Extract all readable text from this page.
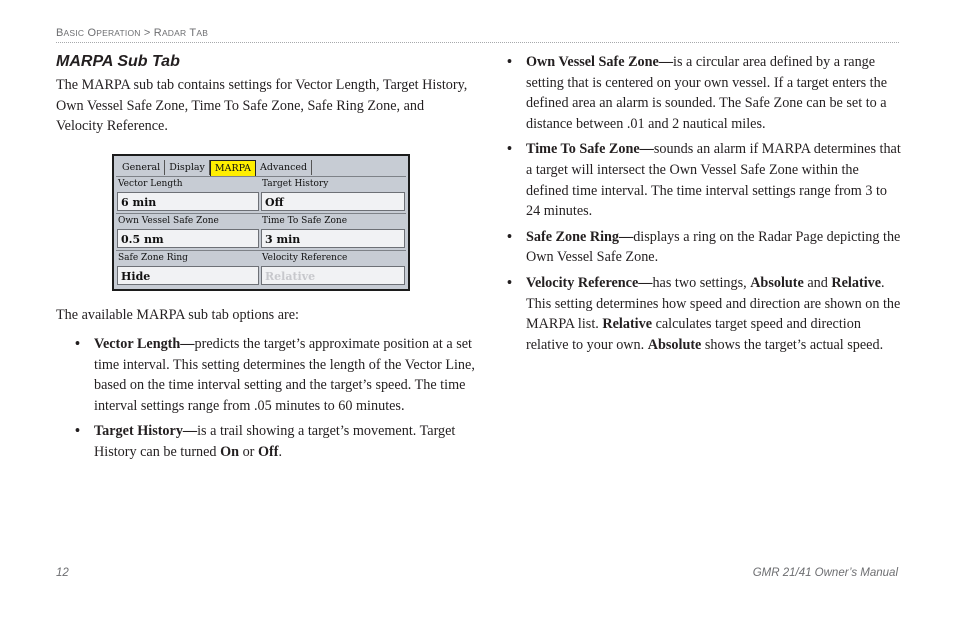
BASIC OPERATION > RADAR TAB
MARPA Sub Tab

The MARPA sub tab contains settings for Vector Length, Target History, Own Vessel Safe Zone, Time To Safe Zone, Safe Ring Zone, and Velocity Reference.

General Display	MARPA Advanced
Vector Length	Target History
6 min	Off
Own Vessel Safe Zone	Time To Safe Zone
0.5 nm	3 min
Safe Zone Ring	Velocity Reference
Hide	Relative

The available MARPA sub tab options are:

• Vector Length—predicts the target’s approximate position at a set time interval. This setting determines the length of the Vector Line, based on the time interval setting and the target’s speed. The time interval settings range from .05 minutes to 60 minutes.
• Target History—is a trail showing a target’s movement. Target History can be turned On or Off.
• Own Vessel Safe Zone—is a circular area defined by a range setting that is centered on your own vessel. If a target enters the defined area an alarm is sounded. The Safe Zone can be set to a distance between .01 and 2 nautical miles.
• Time To Safe Zone—sounds an alarm if MARPA determines that a target will intersect the Own Vessel Safe Zone within the defined time interval. The time interval settings range from 3 to 24 minutes.
• Safe Zone Ring—displays a ring on the Radar Page depicting the Own Vessel Safe Zone.
• Velocity Reference—has two settings, Absolute and Relative. This setting determines how speed and direction are shown on the MARPA list. Relative calculates target speed and direction relative to your own. Absolute shows the target’s actual speed.
12	GMR 21/41 Owner’s Manual
